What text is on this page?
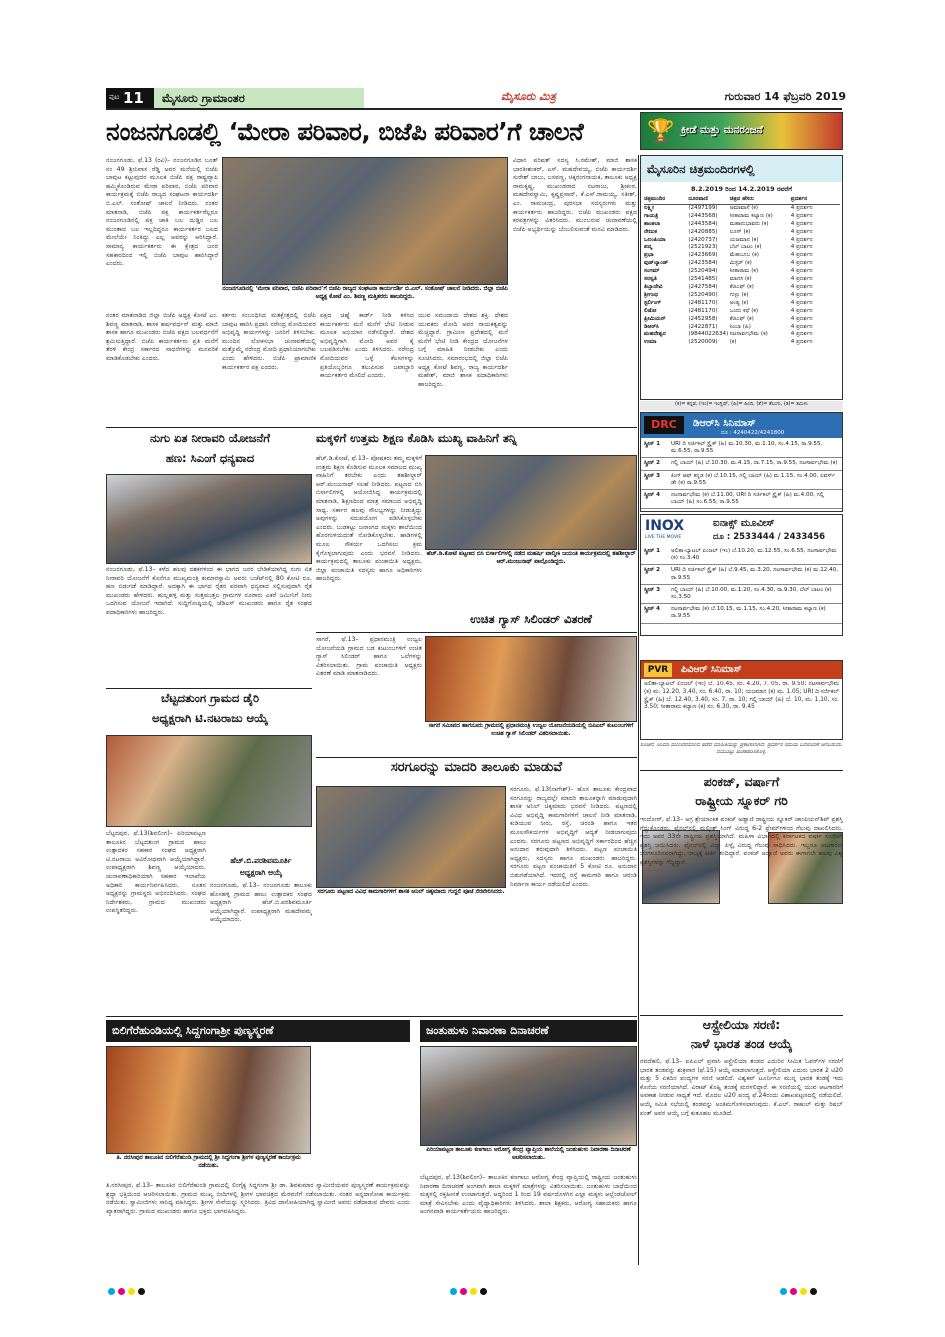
ಪುಟ 11 ಮೈಸೂರು ಗ್ರಾಮಾಂತರ	ಮೈಸೂರು ಮಿತ್ರ	ಗುರುವಾರ 14 ಫೆಬ್ರವರಿ 2019
ನಂಜನಗೂಡಲ್ಲಿ ‘ಮೇರಾ ಪರಿವಾರ, ಬಿಜೆಪಿ ಪರಿವಾರ’ಗೆ ಚಾಲನೆ	🏆 ಕ್ರೀಡೆ ಮತ್ತು ಮನರಂಜನೆ

ನಂಜನಗೂಡು, ಫೆ.13 (ರವಿ)– ನಂಜನಗೂಡಿನ ಬೂತ್ ನಂ 49 ಶ್ರೀನಿವಾಸ ರೆಡ್ಡಿ ಅವರ ಮನೆಯಲ್ಲಿ ಬಿಜೆಪಿ ಬಾವುಟ ಕಟ್ಟುವುದರ ಮೂಲಕ ಬಿಜೆಪಿ ಪಕ್ಷ ರಾಷ್ಟ್ರವ್ಯಾಪಿ ಹಮ್ಮಿಕೊಂಡಿರುವ ಮೇರಾ ಪರಿವಾರ, ಬಿಜೆಪಿ ಪರಿವಾರ ಕಾರ್ಯಕ್ರಮಕ್ಕೆ ಬಿಜೆಪಿ ರಾಜ್ಯದ ಸಂಘಟನಾ ಕಾರ್ಯದರ್ಶಿ ಬಿ.ಎಲ್. ಸಂತೋಷ್ ಚಾಲನೆ ನೀಡಿದರು. ನಂತರ ಮಾತನಾಡಿ, ಬಿಜೆಪಿ ಪಕ್ಷ ಕಾರ್ಯಕರ್ತರೆಲ್ಲರೂ ನಂಜನಗೂಡಿನಲ್ಲಿ ಪಕ್ಷ ಜಾತಿ ಬಲ ದುಡ್ಡಿನ ಬಲ ಮುಂತಾದ ಬಲ ಇಲ್ಲದಿದ್ದರೂ ಕಾರ್ಯಕರ್ತರ ಬಲದ ಮೇಲೆಯೇ ನಿಂತಿದ್ದು ಎಲ್ಲ ಅವರನ್ನು ಆರಿಸಿದ್ದಾರೆ. ಸಾಮಾನ್ಯ ಕಾರ್ಯಕರ್ತರು ಈ ಕ್ಷೇತ್ರದ ಜನರ ಸಹಕಾರದಿಂದ ಇಲ್ಲಿ ಬಿಜೆಪಿ ಬಾವುಟ ಹಾರಿಸಿದ್ದಾರೆ ಎಂದರು.

ನಂಜನಗೂಡಿನಲ್ಲಿ ‘ಮೇರಾ ಪರಿವಾರ, ಬಿಜೆಪಿ ಪರಿವಾರ’ಗೆ ಬಿಜೆಪಿ ರಾಜ್ಯದ ಸಂಘಟನಾ ಕಾರ್ಯದರ್ಶಿ ಬಿ.ಎಲ್. ಸಂತೋಷ್ ಚಾಲನೆ ನೀಡಿದರು. ಜಿಲ್ಲಾ ಬಿಜೆಪಿ ಅಧ್ಯಕ್ಷ ಕೋಟೆ ಎಂ. ಶಿವಣ್ಣ ಮತ್ತಿತರರು ಹಾಜರಿದ್ದರು.

ವಿಧಾನ ಪರಿಷತ್ ಸದಸ್ಯ ಸಿ.ರಮೇಶ್, ಮಾಜಿ ಶಾಸಕ ಭಾರತೀಶಂಕರ್, ಎಸ್. ಮಹದೇವಯ್ಯ, ಬಿಜೆಪಿ ಕಾರ್ಯದರ್ಶಿ ಸುರೇಶ್ ಬಾಬು, ಬಸವಣ್ಣ, ಚಿಕ್ಕರಂಗನಾಯಕ, ತಾಲೂಕು ಅಧ್ಯಕ್ಷ ರಾಮಕೃಷ್ಣ, ಮುಖಂಡರಾದ ನಟರಾಜು, ಶ್ರೀಕಂಠ, ಮಹದೇವಸ್ವಾಮಿ, ಕೃಷ್ಣಪ್ರಸಾದ್, ಕೆ.ಎಸ್.ರಾಮಯ್ಯ, ಸತೀಶ್, ಎಂ. ರಾಮಚಂದ್ರ, ಪುರಸಭಾ ಸದಸ್ಯರುಗಳು ಮತ್ತು ಕಾರ್ಯಕರ್ತರು ಹಾಜರಿದ್ದರು. ಬಿಜೆಪಿ ಮುಖಂಡರು ಪಕ್ಷದ ಕರಪತ್ರಗಳನ್ನು ವಿತರಿಸಿದರು. ಮುಂಬರುವ ಚುನಾವಣೆಯಲ್ಲಿ ಬಿಜೆಪಿ ಅಭ್ಯರ್ಥಿಯನ್ನು ಬೆಂಬಲಿಸುವಂತೆ ಮನವಿ ಮಾಡಿದರು.

ನಂತರ ಮಾತನಾಡಿದ ಜಿಲ್ಲಾ ಬಿಜೆಪಿ ಅಧ್ಯಕ್ಷ ಕೋಟೆ ಎಂ. ಶಿವಣ್ಣ ಮಾತನಾಡಿ, ಶಾಸಕ ಹರ್ಷವರ್ಧನ್ ಮತ್ತು ಮಾಜಿ ಶಾಸಕ ಹಾಗೂ ಮುಖಂಡರು ಬಿಜೆಪಿ ಪಕ್ಷದ ಬಲವರ್ಧನೆಗೆ ಶ್ರಮಿಸುತ್ತಿದ್ದಾರೆ. ಬಿಜೆಪಿ ಕಾರ್ಯಕರ್ತರು ಪ್ರತಿ ಮನೆಗೆ ತೆರಳಿ ಕೇಂದ್ರ ಸರ್ಕಾರದ ಸಾಧನೆಗಳನ್ನು ಮನವರಿಕೆ ಮಾಡಿಕೊಡಬೇಕು ಎಂದರು.

ಕರ್ತರು ಸಂಬಂಧಿಸಿದ ಮತಕ್ಷೇತ್ರದಲ್ಲಿ ಬಿಜೆಪಿ ಬಾವುಟ ಹಾರಿಸಿ ಪ್ರಧಾನಿ ನರೇಂದ್ರ ಮೋದಿಯವರ ಅಭಿವೃದ್ಧಿ ಕಾರ್ಯಗಳನ್ನು ಜನರಿಗೆ ತಿಳಿಸಬೇಕು. ಮುಂದಿನ ಲೋಕಸಭಾ ಚುನಾವಣೆಯಲ್ಲಿ ಮತ್ತೊಮ್ಮೆ ನರೇಂದ್ರ ಮೋದಿ ಪ್ರಧಾನಿಯಾಗಬೇಕು ಎಂದು ಹೇಳಿದರು. ಬಿಜೆಪಿ ಪ್ರಾಮಾಣಿಕ ಕಾರ್ಯಕರ್ತರ ಪಕ್ಷ ಎಂದರು.

ಪಕ್ಷದ ಚಿಹ್ನೆ ಕಾರ್ಡ್ ನೀಡಿ ಕಳಿಸಿದ ಕಾರ್ಯಕರ್ತರು ಮನೆ ಮನೆಗೆ ಭೇಟಿ ನೀಡುವ ಮೂಲಕ ಅಭಿಯಾನ ನಡೆಸಲಿದ್ದಾರೆ. ದೇಶದ ಅಭಿವೃದ್ಧಿಗಾಗಿ ಮೋದಿ ಅವರ ಕೈ ಬಲಪಡಿಸಬೇಕು ಎಂದು ತಿಳಿಸಿದರು. ನರೇಂದ್ರ ಮೋದಿಯವರ ಒಳ್ಳೆ ಕೆಲಸಗಳನ್ನು ಪ್ರತಿಯೊಬ್ಬರಿಗೂ ತಲುಪಿಸುವ ಜವಾಬ್ದಾರಿ ಕಾರ್ಯಕರ್ತರ ಮೇಲಿದೆ ಎಂದರು.

ಯುವ ಸಮುದಾಯ ದೇಶದ ಶಕ್ತಿ. ದೇಶದ ಯುವಕರು ಮೋದಿ ಅವರ ನಾಯಕತ್ವವನ್ನು ಮೆಚ್ಚಿದ್ದಾರೆ. ಗ್ರಾಮೀಣ ಪ್ರದೇಶದಲ್ಲಿ ಮನೆ ಮನೆಗೆ ಭೇಟಿ ನೀಡಿ ಕೇಂದ್ರದ ಯೋಜನೆಗಳ ಬಗ್ಗೆ ಮಾಹಿತಿ ನೀಡಬೇಕು ಎಂದು ಸೂಚಿಸಿದರು. ಸಮಾರಂಭದಲ್ಲಿ ಜಿಲ್ಲಾ ಬಿಜೆಪಿ ಅಧ್ಯಕ್ಷ ಕೋಟೆ ಶಿವಣ್ಣ, ರಾಜ್ಯ ಕಾರ್ಯದರ್ಶಿ ಮಹೇಶ್, ಮಾಜಿ ಶಾಸಕ ಪದಾಧಿಕಾರಿಗಳು ಹಾಜರಿದ್ದರು.

ಮೈಸೂರಿನ ಚಿತ್ರಮಂದಿರಗಳಲ್ಲಿ
8.2.2019 ರಿಂದ 14.2.2019 ರವರೆಗೆ
ಚಿತ್ರಮಂದಿರ	ದೂರವಾಣಿ	ಚಿತ್ರದ ಹೆಸರು	ಪ್ರದರ್ಶನ
ಲಕ್ಷ್ಮೀ	(2497199)	ಅಮಾವಾಸೆ (ಕ)	4 ಪ್ರದರ್ಶನ
ಗಾಯತ್ರಿ	(2443568)	ಸೀತಾರಾಮ ಕಲ್ಯಾಣ (ಕ)	4 ಪ್ರದರ್ಶನ
ಶಾಂತಲಾ	(2443584)	ಮಹಾನುಭಾವರು (ಕ)	4 ಪ್ರದರ್ಶನ
ರೇಣುಕ	(2420885)	ಲೂಸ್ (ಕ)	4 ಪ್ರದರ್ಶನ
ಒಲಂಪಿಯಾ	(2420737)	ಯಜಮಾನ (ಕ)	4 ಪ್ರದರ್ಶನ
ಪದ್ಮ	(2521923)	ಬೆಲ್ ಬಾಟಂ (ಕ)	4 ಪ್ರದರ್ಶನ
ಪ್ರಭಾ	(2423669)	ಮೆಹಬೂಬ (ಕ)	4 ಪ್ರದರ್ಶನ
ವುಡ್‌ಲ್ಯಾಂಡ್	(2423584)	ಮಿಸ್ಟರ್ (ಕ)	4 ಪ್ರದರ್ಶನ
ಸಂಗಮ್	(2520494)	ಸೀತಾರಾಮ (ಕ)	4 ಪ್ರದರ್ಶನ
ಸರಸ್ವತಿ	(2541485)	ಮಾನಸ (ಕ)	4 ಪ್ರದರ್ಶನ
ತಿಬ್ಬಾದೇವಿ	(2427584)	ಕೆಜಿಎಫ್ (ಕ)	4 ಪ್ರದರ್ಶನ
ಶ್ರೀಗಂಧ	(2520490)	ಗುಳ್ಟು (ಕ)	4 ಪ್ರದರ್ಶನ
ಸ್ಟರ್ಲಿಂಗ್	(2481170)	ಅಂತ್ಯ (ಕ)	4 ಪ್ರದರ್ಶನ
ಲಿಡೋ	(2481170)	ಒಂದು ಕಥೆ (ಕ)	4 ಪ್ರದರ್ಶನ
ಪ್ರೀಮಿಯರ್	(2452958)	ಕೆಜಿಎಫ್ (ಕ)	4 ಪ್ರದರ್ಶನ
ಡಿಆರ್‌ಸಿ	(2422871)	ಸಿಂಬಾ (ಹಿ)	4 ಪ್ರದರ್ಶನ
ಮಹದೇಶ್ವರ	(9844022634) ನಟಸಾರ್ವಭೌಮ (ಕ)	4 ಪ್ರದರ್ಶನ
ಉಮಾ	(2520009)	(ಕ)	4 ಪ್ರದರ್ಶನ
(ಕ)= ಕನ್ನಡ, (ಇಂ)= ಇಂಗ್ಲಿಷ್, (ಹಿ)= ಹಿಂದಿ, (ತೆ)= ತೆಲುಗು, (ತ)= ತಮಿಳು
DRC	ಡಿಆರ್‌ಸಿ ಸಿನಿಮಾಸ್
ದೂ : 4240422/4241800
ಸ್ಕ್ರೀನ್ 1 URI ದಿ ಸರ್ಜಿಕಲ್ ಸ್ಟ್ರೈಕ್ (ಹಿ) ಮ.10.30, ಮ.1.10, ಸಂ.4.15, ರಾ.9.55, ಮ.6.55, ರಾ.9.55
ಸ್ಕ್ರೀನ್ 2 ಗಲ್ಲಿ ಬಾಯ್ (ಹಿ) ಬೆ.10.30, ಮ.4.15, ರಾ.7.15, ರಾ.9.55, ನಟಸಾರ್ವಭೌಮ (ಕ)
ಸ್ಕ್ರೀನ್ 3 ಕಿಂಗ್ ಆಫ್ ಕನ್ನಡ (ಕ) ಬೆ.10.15, ಗಲ್ಲಿ ಬಾಯ್ (ಹಿ) ಮ.1.15, ಸಂ.4.00, ಲವರ್ಸ್ ಡೇ (ಕ) ರಾ.9.55
ಸ್ಕ್ರೀನ್ 4 ನಟಸಾರ್ವಭೌಮ (ಕ) ಬೆ.11.00, URI ದಿ ಸರ್ಜಿಕಲ್ ಸ್ಟ್ರೈಕ್ (ಹಿ) ಮ.4.00, ಗಲ್ಲಿ ಬಾಯ್ (ಹಿ) ಸಂ.6.55, ರಾ.9.55
INOX
LIVE THE MOVIE
ಐನಾಕ್ಸ್ ಮೂವೀಸ್
ದೂ : 2533444 / 2433456
ಸ್ಕ್ರೀನ್ 1 ಅಲಿತಾ-ಬ್ಯಾಟಲ್ ಏಂಜಲ್ (ಇಂ) ಬೆ.10.20, ಮ.12.55, ಸಂ.6.55, ನಟಸಾರ್ವಭೌಮ (ಕ) ಸಂ.3.40
ಸ್ಕ್ರೀನ್ 2 URI ದಿ ಸರ್ಜಿಕಲ್ ಸ್ಟ್ರೈಕ್ (ಹಿ) ಬೆ.9.45, ಮ.3.20, ನಟಸಾರ್ವಭೌಮ (ಕ) ಮ.12.40, ರಾ.9.55
ಸ್ಕ್ರೀನ್ 3 ಗಲ್ಲಿ ಬಾಯ್ (ಹಿ) ಬೆ.10.00, ಮ.1.20, ಸಂ.4.30, ರಾ.9.30, ಬೆಲ್ ಬಾಟಂ (ಕ) ಸಂ.3.50
ಸ್ಕ್ರೀನ್ 4 ನಟಸಾರ್ವಭೌಮ (ಕ) ಬೆ.10.15, ಮ.1.15, ಸಂ.4.20, ಸೀತಾರಾಮ ಕಲ್ಯಾಣ (ಕ) ರಾ.9.55
PVR	ಪಿವಿಆರ್ ಸಿನಿಮಾಸ್
ಅಲಿತಾ-ಬ್ಯಾಟಲ್ ಏಂಜಲ್ (ಇಂ) ಬೆ. 10.45, ಸಂ. 4.20, 7. 05, ರಾ. 9.50; ನಟಸಾರ್ವಭೌಮ (ಕ) ಮ. 12.20, 3.40, ಸಂ. 6.40, ರಾ. 10; ಯಜಮಾನ (ಕ) ಮ. 1.05; URI ದಿ ಸರ್ಜಿಕಲ್ ಸ್ಟ್ರೈಕ್ (ಹಿ) ಬೆ. 12.40, 3.40, ಸಂ. 7, ರಾ. 10; ಗಲ್ಲಿ ಬಾಯ್ (ಹಿ) ಬೆ. 10, ಮ. 1.10, ಸಂ. 3.50; ಸೀತಾರಾಮ ಕಲ್ಯಾಣ (ಕ) ಸಂ. 6.30, ರಾ. 9.45
ಸೂಚನೆ: ಸಿನಿಮಾ ಮಂದಿರದವರಿಂದ ಪಡೆದ ಮಾಹಿತಿಯನ್ನು ಪ್ರಕಟಿಸಲಾಗಿದೆ. ಪ್ರದರ್ಶನ ಸಮಯ ಬದಲಾವಣೆ ಆಗಬಹುದು. ದಯವಿಟ್ಟು ಖಚಿತಪಡಿಸಿಕೊಳ್ಳಿ.
ಪಂಕಜ್, ವರ್ಷಾಗೆ
ರಾಷ್ಟ್ರೀಯ ಸ್ನೂಕರ್ ಗರಿ
ಇಂದೋರ್, ಫೆ.13– ಅಗ್ರ ಶ್ರೇಯಾಂಕಿತ ಪಂಕಜ್ ಅಡ್ವಾಣಿ ರಾಷ್ಟ್ರೀಯ ಸ್ನೂಕರ್ ಚಾಂಪಿಯನ್‌ಶಿಪ್ ಪ್ರಶಸ್ತಿ ಗೆದ್ದುಕೊಂಡರು. ಫೈನಲ್‌ನಲ್ಲಿ ಮಲ್ಕೀತ್ ಸಿಂಗ್ ವಿರುದ್ಧ 6-2 ಫ್ರೇಮ್‌ಗಳಿಂದ ಗೆಲುವು ದಾಖಲಿಸಿದರು. ಇದು ಅವರ 33ನೇ ರಾಷ್ಟ್ರೀಯ ಪ್ರಶಸ್ತಿಯಾಗಿದೆ. ಮಹಿಳಾ ವಿಭಾಗದಲ್ಲಿ ಕರ್ನಾಟಕದ ವರ್ಷಾ ಸಂಜೀವ್ ಪ್ರಶಸ್ತಿ ಜಯಿಸಿದರು. ಫೈನಲ್‌ನಲ್ಲಿ ವಿದ್ಯಾ ಪಿಳ್ಳೈ ವಿರುದ್ಧ ಗೆಲುವು ಸಾಧಿಸಿದರು. ಇಬ್ಬರೂ ಆಟಗಾರರು ಬೆಂಗಳೂರಿನವರಾಗಿದ್ದು, ರಾಜ್ಯಕ್ಕೆ ಕೀರ್ತಿ ತಂದಿದ್ದಾರೆ. ಪಂಕಜ್ ಅಡ್ವಾಣಿ ಅವರು ಈಗಾಗಲೇ ಹಲವು ವಿಶ್ವ ಪ್ರಶಸ್ತಿಗಳನ್ನು ಗೆದ್ದಿದ್ದಾರೆ.
ಆಸ್ಟ್ರೇಲಿಯಾ ಸರಣಿ:
ನಾಳೆ ಭಾರತ ತಂಡ ಆಯ್ಕೆ
ನವದೆಹಲಿ, ಫೆ.13– ಐಪಿಎಲ್ ಪ್ರವಾಸಿ ಆಸ್ಟ್ರೇಲಿಯಾ ತಂಡದ ಎದುರಿನ ಸೀಮಿತ ಓವರ್‌ಗಳ ಸರಣಿಗೆ ಭಾರತ ತಂಡವನ್ನು ಶುಕ್ರವಾರ (ಫೆ.15) ಆಯ್ಕೆ ಮಾಡಲಾಗುತ್ತದೆ. ಆಸ್ಟ್ರೇಲಿಯಾ ಎದುರು ಭಾರತ 2 ಟಿ20 ಮತ್ತು 5 ಏಕದಿನ ಪಂದ್ಯಗಳ ಸರಣಿ ಆಡಲಿದೆ. ವಿಶ್ವಕಪ್ ಟೂರ್ನಿಗೂ ಮುನ್ನ ಭಾರತ ತಂಡಕ್ಕೆ ಇದು ಕೊನೆಯ ಸರಣಿಯಾಗಿದೆ. ವಿರಾಟ್ ಕೊಹ್ಲಿ ತಂಡಕ್ಕೆ ಮರಳಲಿದ್ದಾರೆ. ಈ ಸರಣಿಯಲ್ಲಿ ಯುವ ಆಟಗಾರರಿಗೆ ಅವಕಾಶ ನೀಡುವ ಸಾಧ್ಯತೆ ಇದೆ. ಮೊದಲ ಟಿ20 ಪಂದ್ಯ ಫೆ.24ರಂದು ವಿಶಾಖಪಟ್ಟಣದಲ್ಲಿ ನಡೆಯಲಿದೆ. ಆಯ್ಕೆ ಸಮಿತಿ ಸಭೆಯಲ್ಲಿ ತಂಡವನ್ನು ಅಂತಿಮಗೊಳಿಸಲಾಗುವುದು. ಕೆ.ಎಲ್. ರಾಹುಲ್ ಮತ್ತು ರಿಷಬ್ ಪಂತ್ ಅವರ ಆಯ್ಕೆ ಬಗ್ಗೆ ಕುತೂಹಲ ಮೂಡಿದೆ.
ನುಗು ಏತ ನೀರಾವರಿ ಯೋಜನೆಗೆ
ಹಣ: ಸಿಎಂಗೆ ಧನ್ಯವಾದ
ನಂಜನಗೂಡು, ಫೆ.13– ಕಳೆದ ಹಲವು ದಶಕಗಳಿಂದ ಈ ಭಾಗದ ಜನರ ಬೇಡಿಕೆಯಾಗಿದ್ದ ನುಗು ಏತ ನೀರಾವರಿ ಯೋಜನೆಗೆ ಕೊನೆಗೂ ಮುಖ್ಯಮಂತ್ರಿ ಕುಮಾರಸ್ವಾಮಿ ಅವರು ಬಜೆಟ್‌ನಲ್ಲಿ 80 ಕೋಟಿ ರೂ. ಹಣ ಬಿಡುಗಡೆ ಮಾಡಿದ್ದಾರೆ. ಅದಕ್ಕಾಗಿ ಈ ಭಾಗದ ರೈತರ ಪರವಾಗಿ ಧನ್ಯವಾದ ಸಲ್ಲಿಸುವುದಾಗಿ ರೈತ ಮುಖಂಡರು ಹೇಳಿದರು. ಹುಲ್ಲಹಳ್ಳಿ ಮತ್ತು ಸುತ್ತಮುತ್ತಲ ಗ್ರಾಮಗಳ ನೂರಾರು ಎಕರೆ ಜಮೀನಿಗೆ ನೀರು ಒದಗಿಸುವ ಯೋಜನೆ ಇದಾಗಿದೆ. ಸುದ್ದಿಗೋಷ್ಠಿಯಲ್ಲಿ ಜೆಡಿಎಸ್ ಮುಖಂಡರು ಹಾಗೂ ರೈತ ಸಂಘದ ಪದಾಧಿಕಾರಿಗಳು ಹಾಜರಿದ್ದರು.
ಬೆಟ್ಟದತುಂಗ ಗ್ರಾಮದ ಡೈರಿ
ಅಧ್ಯಕ್ಷರಾಗಿ ಟಿ.ನಟರಾಜು ಆಯ್ಕೆ
ಬೆಟ್ಟದಪುರ, ಫೆ.13(ಶಿವಲಿಂಗ)– ಪಿರಿಯಾಪಟ್ಟಣ ತಾಲೂಕಿನ ಬೆಟ್ಟದತುಂಗ ಗ್ರಾಮದ ಹಾಲು ಉತ್ಪಾದಕರ ಸಹಕಾರ ಸಂಘದ ಅಧ್ಯಕ್ಷರಾಗಿ ಟಿ.ನಟರಾಜು ಅವಿರೋಧವಾಗಿ ಆಯ್ಕೆಯಾಗಿದ್ದಾರೆ. ಉಪಾಧ್ಯಕ್ಷರಾಗಿ ಶಿವಣ್ಣ ಆಯ್ಕೆಯಾದರು. ಚುನಾವಣಾಧಿಕಾರಿಯಾಗಿ ಸಹಕಾರ ಇಲಾಖೆಯ ಅಧಿಕಾರಿ ಕಾರ್ಯನಿರ್ವಹಿಸಿದರು. ನೂತನ ಅಧ್ಯಕ್ಷರನ್ನು ಗ್ರಾಮಸ್ಥರು ಅಭಿನಂದಿಸಿದರು. ಸಂಘದ ನಿರ್ದೇಶಕರು, ಗ್ರಾಮದ ಮುಖಂಡರು ಉಪಸ್ಥಿತರಿದ್ದರು.
ಹೆಚ್.ಬಿ.ಪರಶಿವಮೂರ್ತಿ
ಅಧ್ಯಕ್ಷರಾಗಿ ಆಯ್ಕೆ
ನಂಜನಗೂಡು, ಫೆ.13– ನಂಜನಗೂಡು ತಾಲೂಕು ಹೊಸಹಳ್ಳಿ ಗ್ರಾಮದ ಹಾಲು ಉತ್ಪಾದಕರ ಸಂಘದ ಅಧ್ಯಕ್ಷರಾಗಿ ಹೆಚ್.ಬಿ.ಪರಶಿವಮೂರ್ತಿ ಆಯ್ಕೆಯಾಗಿದ್ದಾರೆ. ಉಪಾಧ್ಯಕ್ಷರಾಗಿ ಮಹದೇವಮ್ಮ ಆಯ್ಕೆಯಾದರು.
ಮಕ್ಕಳಿಗೆ ಉತ್ತಮ ಶಿಕ್ಷಣ ಕೊಡಿಸಿ ಮುಖ್ಯ ವಾಹಿನಿಗೆ ತನ್ನಿ
ಹೆಚ್.ಡಿ.ಕೋಟೆ, ಫೆ.13– ಪೋಷಕರು ತಮ್ಮ ಮಕ್ಕಳಿಗೆ ಉತ್ತಮ ಶಿಕ್ಷಣ ಕೊಡಿಸುವ ಮೂಲಕ ಸಮಾಜದ ಮುಖ್ಯ ವಾಹಿನಿಗೆ ತರಬೇಕು ಎಂದು ತಹಶೀಲ್ದಾರ್ ಆರ್.ಮಂಜುನಾಥ್ ಸಲಹೆ ನೀಡಿದರು. ಪಟ್ಟಣದ ಬಿಸಿ ಬಿರ್ಸಾಲಿಗಳಲ್ಲಿ ಆಯೋಜಿಸಿದ್ದ ಕಾರ್ಯಕ್ರಮದಲ್ಲಿ ಮಾತನಾಡಿ, ಶಿಕ್ಷಣದಿಂದ ಮಾತ್ರ ಸಮಾಜದ ಅಭಿವೃದ್ಧಿ ಸಾಧ್ಯ. ಸರ್ಕಾರ ಹಲವು ಸೌಲಭ್ಯಗಳನ್ನು ನೀಡುತ್ತಿದ್ದು ಅವುಗಳನ್ನು ಸದುಪಯೋಗ ಪಡಿಸಿಕೊಳ್ಳಬೇಕು ಎಂದರು. ಬುಡಕಟ್ಟು ಜನಾಂಗದ ಮಕ್ಕಳು ಶಾಲೆಯಿಂದ ಹೊರಗುಳಿಯದಂತೆ ನೋಡಿಕೊಳ್ಳಬೇಕು. ಹಾಡಿಗಳಲ್ಲಿ ಮೂಲ ಸೌಕರ್ಯ ಒದಗಿಸಲು ಕ್ರಮ ಕೈಗೊಳ್ಳಲಾಗುವುದು ಎಂದು ಭರವಸೆ ನೀಡಿದರು. ಕಾರ್ಯಕ್ರಮದಲ್ಲಿ ತಾಲೂಕು ಪಂಚಾಯಿತಿ ಅಧ್ಯಕ್ಷರು, ಜಿಲ್ಲಾ ಪಂಚಾಯಿತಿ ಸದಸ್ಯರು ಹಾಗೂ ಅಧಿಕಾರಿಗಳು ಹಾಜರಿದ್ದರು.
ಹೆಚ್.ಡಿ.ಕೋಟೆ ಪಟ್ಟಣದ ಬಿಸಿ ಬಿರ್ಸಾಲಿಗಳಲ್ಲಿ ನಡೆದ ಮಹರ್ಷಿ ವಾಲ್ಮೀಕಿ ಜಯಂತಿ ಕಾರ್ಯಕ್ರಮದಲ್ಲಿ ತಹಶೀಲ್ದಾರ್ ಆರ್.ಮಂಜುನಾಥ್ ಪಾಲ್ಗೊಂಡಿದ್ದರು.
ಉಚಿತ ಗ್ಯಾಸ್ ಸಿಲಿಂಡರ್ ವಿತರಣೆ
ಸಾಗರೆ ಸಮೀಪದ ಹಾಗನೂರು ಗ್ರಾಮದಲ್ಲಿ ಪ್ರಧಾನಮಂತ್ರಿ ಉಜ್ವಲ ಯೋಜನೆಯಡಿಯಲ್ಲಿ ಬಿಪಿಎಲ್ ಕುಟುಂಬಗಳಿಗೆ ಉಚಿತ ಗ್ಯಾಸ್ ಸಿಲಿಂಡರ್ ವಿತರಿಸಲಾಯಿತು.
ಸಾಗರೆ, ಫೆ.13– ಪ್ರಧಾನಮಂತ್ರಿ ಉಜ್ವಲ ಯೋಜನೆಯಡಿ ಗ್ರಾಮದ ಬಡ ಕುಟುಂಬಗಳಿಗೆ ಉಚಿತ ಗ್ಯಾಸ್ ಸಿಲಿಂಡರ್ ಹಾಗೂ ಒಲೆಗಳನ್ನು ವಿತರಿಸಲಾಯಿತು. ಗ್ರಾಮ ಪಂಚಾಯಿತಿ ಅಧ್ಯಕ್ಷರು ವಿತರಣೆ ಮಾಡಿ ಮಾತನಾಡಿದರು.
ಸರಗೂರನ್ನು ಮಾದರಿ ತಾಲೂಕು ಮಾಡುವೆ
ಸರಗೂರು ಪಟ್ಟಣದ ವಿವಿಧ ಕಾಮಗಾರಿಗಳಿಗೆ ಶಾಸಕ ಅನಿಲ್ ಚಿಕ್ಕಮಾದು ಗುದ್ದಲಿ ಪೂಜೆ ನೆರವೇರಿಸಿದರು.
ಸರಗೂರು, ಫೆ.13(ನಾಗೇಶ್)– ಹೊಸ ತಾಲೂಕು ಕೇಂದ್ರವಾದ ಸರಗೂರನ್ನು ರಾಜ್ಯದಲ್ಲೇ ಮಾದರಿ ತಾಲೂಕನ್ನಾಗಿ ಮಾಡುವುದಾಗಿ ಶಾಸಕ ಅನಿಲ್ ಚಿಕ್ಕಮಾದು ಭರವಸೆ ನೀಡಿದರು. ಪಟ್ಟಣದಲ್ಲಿ ವಿವಿಧ ಅಭಿವೃದ್ಧಿ ಕಾಮಗಾರಿಗಳಿಗೆ ಚಾಲನೆ ನೀಡಿ ಮಾತನಾಡಿ, ಕುಡಿಯುವ ನೀರು, ರಸ್ತೆ, ಚರಂಡಿ ಹಾಗೂ ಇತರ ಮೂಲಸೌಕರ್ಯಗಳ ಅಭಿವೃದ್ಧಿಗೆ ಆದ್ಯತೆ ನೀಡಲಾಗುವುದು ಎಂದರು. ಸರಗೂರು ಪಟ್ಟಣದ ಅಭಿವೃದ್ಧಿಗೆ ಸರ್ಕಾರದಿಂದ ಹೆಚ್ಚಿನ ಅನುದಾನ ತರುವುದಾಗಿ ತಿಳಿಸಿದರು. ಪಟ್ಟಣ ಪಂಚಾಯಿತಿ ಅಧ್ಯಕ್ಷರು, ಸದಸ್ಯರು ಹಾಗೂ ಮುಖಂಡರು ಹಾಜರಿದ್ದರು. ಸರಗೂರು ಪಟ್ಟಣ ಪಂಚಾಯಿತಿಗೆ 5 ಕೋಟಿ ರೂ. ಅನುದಾನ ಬಿಡುಗಡೆಯಾಗಿದೆ. ಇದರಲ್ಲಿ ರಸ್ತೆ ಕಾಮಗಾರಿ ಹಾಗೂ ಚರಂಡಿ ನಿರ್ಮಾಣ ಕಾರ್ಯ ನಡೆಯಲಿದೆ ಎಂದರು.
ಬಿಲಿಗೆರೆಹುಂಡಿಯಲ್ಲಿ ಸಿದ್ದಗಂಗಾಶ್ರೀ ಪುಣ್ಯಸ್ಮರಣೆ
ತಿ. ನರಸೀಪುರ ತಾಲೂಕಿನ ಬಿಲಿಗೆರೆಹುಂಡಿ ಗ್ರಾಮದಲ್ಲಿ ಶ್ರೀ ಸಿದ್ದಗಂಗಾ ಶ್ರೀಗಳ ಪುಣ್ಯಸ್ಮರಣೆ ಕಾರ್ಯಕ್ರಮ ನಡೆಯಿತು.
ತಿ.ನರಸೀಪುರ, ಫೆ.13– ತಾಲೂಕಿನ ಬಿಲಿಗೆರೆಹುಂಡಿ ಗ್ರಾಮದಲ್ಲಿ ಲಿಂಗೈಕ್ಯ ಸಿದ್ದಗಂಗಾ ಶ್ರೀ ಡಾ. ಶಿವಕುಮಾರ ಸ್ವಾಮೀಜಿಯವರ ಪುಣ್ಯಸ್ಮರಣೆ ಕಾರ್ಯಕ್ರಮವನ್ನು ಶ್ರದ್ಧಾ ಭಕ್ತಿಯಿಂದ ಆಚರಿಸಲಾಯಿತು. ಗ್ರಾಮದ ಮುಖ್ಯ ಬೀದಿಗಳಲ್ಲಿ ಶ್ರೀಗಳ ಭಾವಚಿತ್ರದ ಮೆರವಣಿಗೆ ನಡೆಸಲಾಯಿತು. ನಂತರ ಅನ್ನದಾಸೋಹ ಕಾರ್ಯಕ್ರಮ ನಡೆಯಿತು. ಸ್ವಾಮೀಜಿಗಳು ಸಾನಿಧ್ಯ ವಹಿಸಿದ್ದರು. ಶ್ರೀಗಳ ಸೇವೆಯನ್ನು ಸ್ಮರಿಸಿದರು. ತ್ರಿವಿಧ ದಾಸೋಹಿಯಾಗಿದ್ದ ಸ್ವಾಮೀಜಿ ಅವರು ನಡೆದಾಡುವ ದೇವರು ಎಂದು ಖ್ಯಾತರಾಗಿದ್ದರು. ಗ್ರಾಮದ ಮುಖಂಡರು ಹಾಗೂ ಭಕ್ತರು ಭಾಗವಹಿಸಿದ್ದರು.
ಜಂತುಹುಳು ನಿವಾರಣಾ ದಿನಾಚರಣೆ
ಪಿರಿಯಾಪಟ್ಟಣ ತಾಲೂಕು ಕಣಗಾಲು ಆರೋಗ್ಯ ಕೇಂದ್ರ ವ್ಯಾಪ್ತಿಯ ಶಾಲೆಯಲ್ಲಿ ಜಂತುಹುಳು ನಿವಾರಣಾ ದಿನಾಚರಣೆ ಆಚರಿಸಲಾಯಿತು.
ಬೆಟ್ಟದಪುರ, ಫೆ.13(ಶಿವಲಿಂಗ)– ತಾಲೂಕಿನ ಕಣಗಾಲು ಆರೋಗ್ಯ ಕೇಂದ್ರ ವ್ಯಾಪ್ತಿಯಲ್ಲಿ ರಾಷ್ಟ್ರೀಯ ಜಂತುಹುಳು ನಿವಾರಣಾ ದಿನಾಚರಣೆ ಅಂಗವಾಗಿ ಶಾಲಾ ಮಕ್ಕಳಿಗೆ ಮಾತ್ರೆಗಳನ್ನು ವಿತರಿಸಲಾಯಿತು. ಜಂತುಹುಳು ಬಾಧೆಯಿಂದ ಮಕ್ಕಳಲ್ಲಿ ರಕ್ತಹೀನತೆ ಉಂಟಾಗುತ್ತದೆ. ಆದ್ದರಿಂದ 1 ರಿಂದ 19 ವರ್ಷದೊಳಗಿನ ಎಲ್ಲಾ ಮಕ್ಕಳು ಆಲ್ಬೆಂಡಜೋಲ್ ಮಾತ್ರೆ ಸೇವಿಸಬೇಕು ಎಂದು ವೈದ್ಯಾಧಿಕಾರಿಗಳು ತಿಳಿಸಿದರು. ಶಾಲಾ ಶಿಕ್ಷಕರು, ಆರೋಗ್ಯ ಸಹಾಯಕರು ಹಾಗೂ ಅಂಗನವಾಡಿ ಕಾರ್ಯಕರ್ತೆಯರು ಹಾಜರಿದ್ದರು.
